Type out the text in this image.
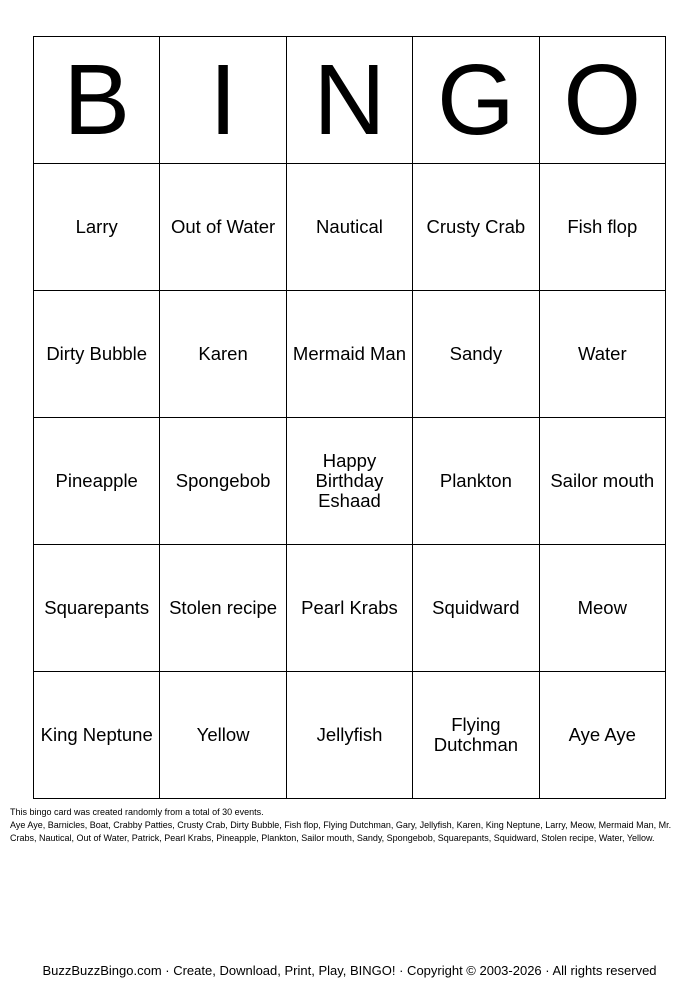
B	I	N	G	O
Larry	Out of Water	Nautical	Crusty Crab	Fish flop
Dirty Bubble	Karen	Mermaid Man	Sandy	Water
Pineapple	Spongebob	Happy Birthday Eshaad	Plankton	Sailor mouth
Squarepants	Stolen recipe	Pearl Krabs	Squidward	Meow
King Neptune	Yellow	Jellyfish	Flying Dutchman	Aye Aye

This bingo card was created randomly from a total of 30 events.

Aye Aye, Barnicles, Boat, Crabby Patties, Crusty Crab, Dirty Bubble, Fish flop, Flying Dutchman, Gary, Jellyfish, Karen, King Neptune, Larry, Meow, Mermaid Man, Mr. Crabs, Nautical, Out of Water, Patrick, Pearl Krabs, Pineapple, Plankton, Sailor mouth, Sandy, Spongebob, Squarepants, Squidward, Stolen recipe, Water, Yellow.

BuzzBuzzBingo.com · Create, Download, Print, Play, BINGO! · Copyright © 2003-2026 · All rights reserved
